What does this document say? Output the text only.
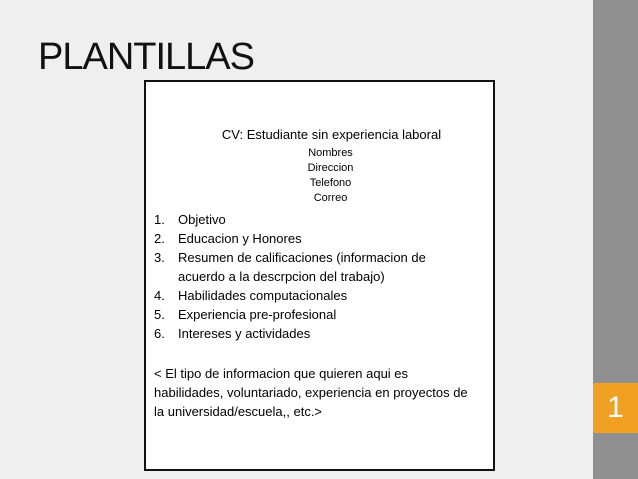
PLANTILLAS
CV: Estudiante sin experiencia laboral
Nombres
Direccion
Telefono
Correo
1. Objetivo
2. Educacion y Honores
3. Resumen de calificaciones (informacion de acuerdo a la descrpcion del trabajo)
4. Habilidades computacionales
5. Experiencia pre-profesional
6. Intereses y actividades
< El tipo de informacion que quieren aqui es habilidades, voluntariado, experiencia en proyectos de la universidad/escuela,, etc.>	1
